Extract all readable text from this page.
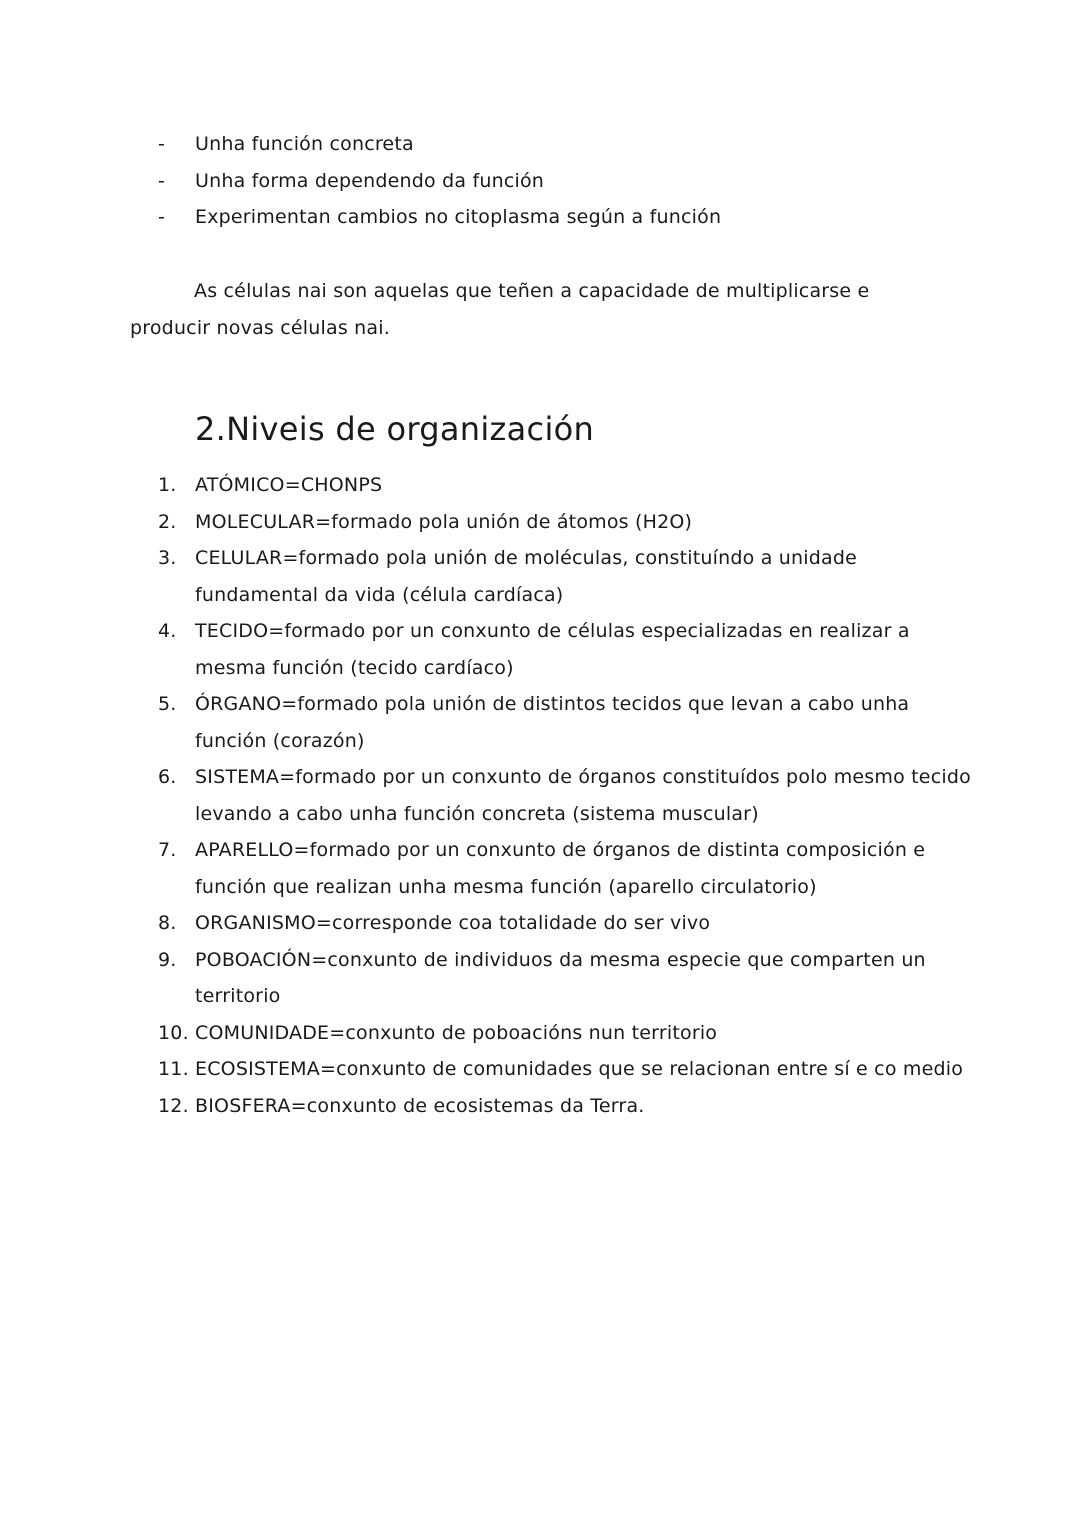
-	Unha función concreta
-	Unha forma dependendo da función
-	Experimentan cambios no citoplasma según a función
As células nai son aquelas que teñen a capacidade de multiplicarse e producir novas células nai.
2.Niveis de organización
1. ATÓMICO=CHONPS
2. MOLECULAR=formado pola unión de átomos (H2O)
3. CELULAR=formado pola unión de moléculas, constituíndo a unidade fundamental da vida (célula cardíaca)
4. TECIDO=formado por un conxunto de células especializadas en realizar a mesma función (tecido cardíaco)
5. ÓRGANO=formado pola unión de distintos tecidos que levan a cabo unha función (corazón)
6. SISTEMA=formado por un conxunto de órganos constituídos polo mesmo tecido levando a cabo unha función concreta (sistema muscular)
7. APARELLO=formado por un conxunto de órganos de distinta composición e función que realizan unha mesma función (aparello circulatorio)
8. ORGANISMO=corresponde coa totalidade do ser vivo
9. POBOACIÓN=conxunto de individuos da mesma especie que comparten un territorio
10. COMUNIDADE=conxunto de poboacións nun territorio
11. ECOSISTEMA=conxunto de comunidades que se relacionan entre sí e co medio
12. BIOSFERA=conxunto de ecosistemas da Terra.
